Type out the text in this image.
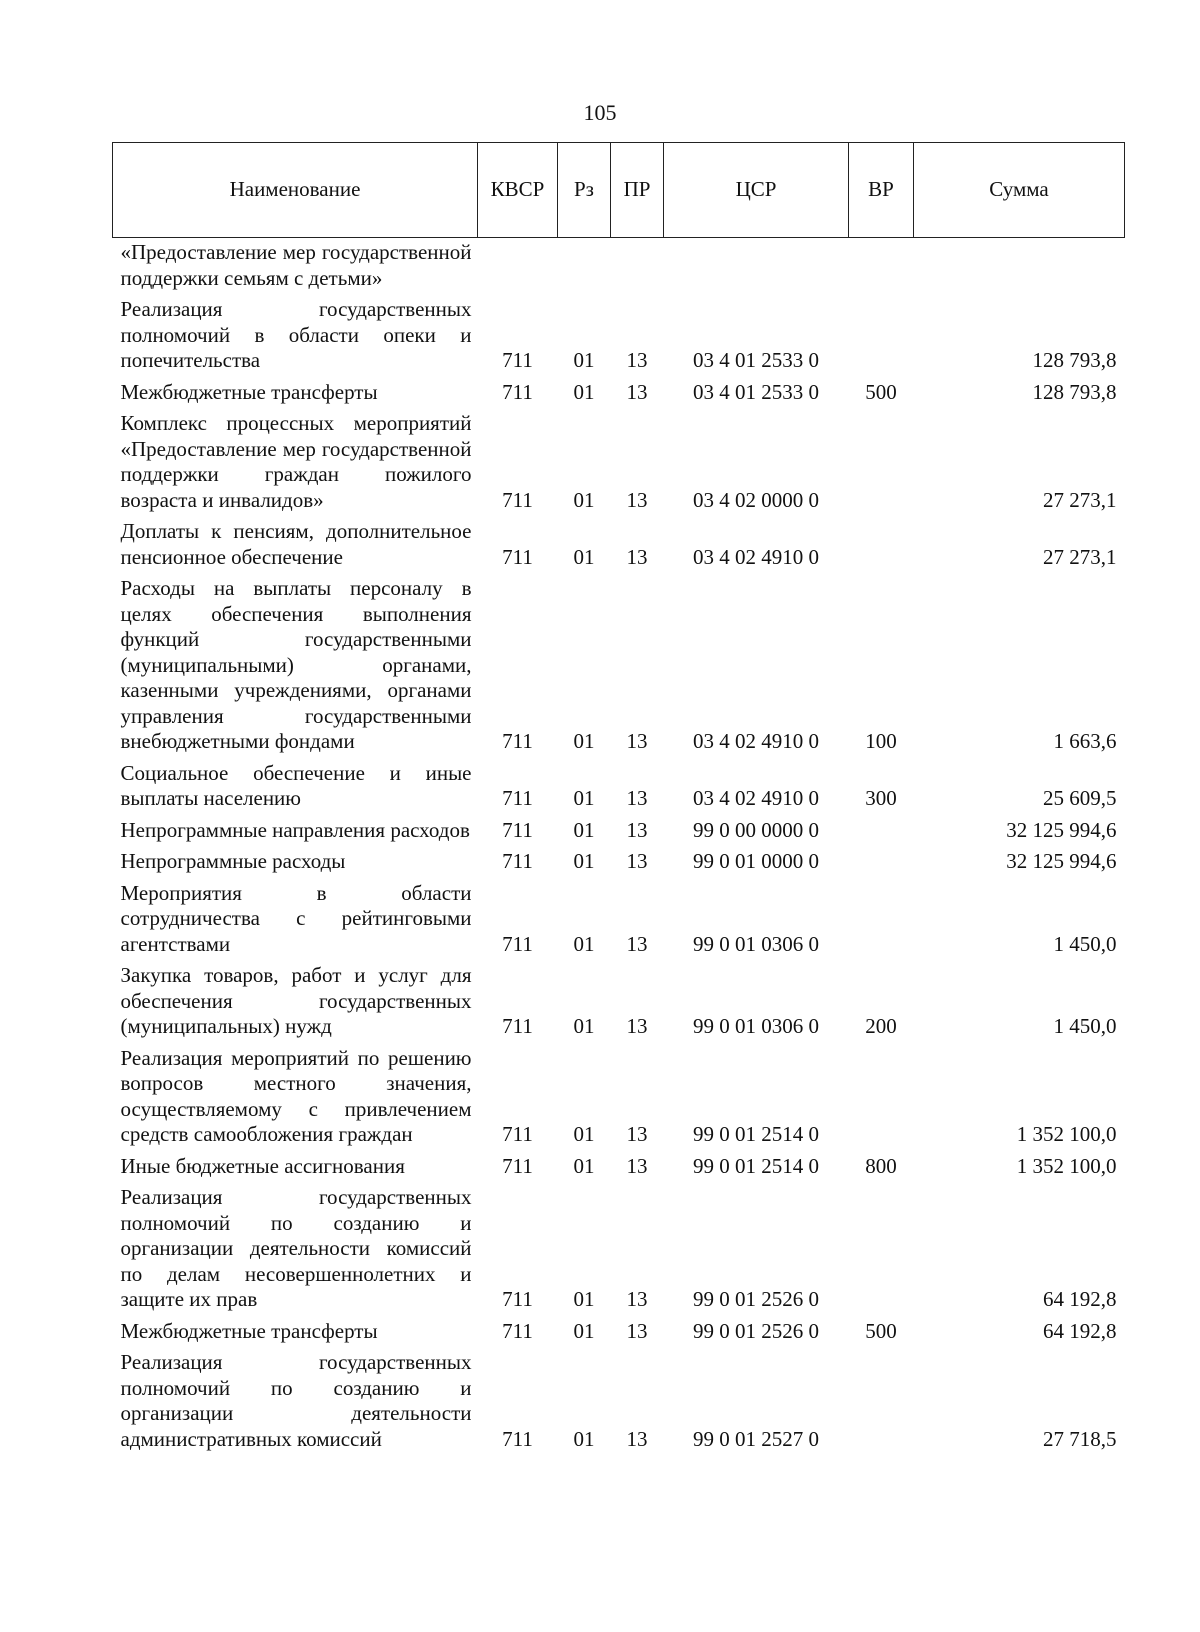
105
Наименование	КВСР	Рз	ПР	ЦСР	ВР	Сумма
«Предоставление мер государственной поддержки семьям с детьми»						
Реализация государственных полномочий в области опеки и попечительства	711	01	13	03 4 01 2533 0		128 793,8
Межбюджетные трансферты	711	01	13	03 4 01 2533 0	500	128 793,8
Комплекс процессных мероприятий «Предоставление мер государственной поддержки граждан пожилого возраста и инвалидов»	711	01	13	03 4 02 0000 0		27 273,1
Доплаты к пенсиям, дополнительное пенсионное обеспечение	711	01	13	03 4 02 4910 0		27 273,1
Расходы на выплаты персоналу в целях обеспечения выполнения функций государственными (муниципальными) органами, казенными учреждениями, органами управления государственными внебюджетными фондами	711	01	13	03 4 02 4910 0	100	1 663,6
Социальное обеспечение и иные выплаты населению	711	01	13	03 4 02 4910 0	300	25 609,5
Непрограммные направления расходов	711	01	13	99 0 00 0000 0		32 125 994,6
Непрограммные расходы	711	01	13	99 0 01 0000 0		32 125 994,6
Мероприятия в области сотрудничества с рейтинговыми агентствами	711	01	13	99 0 01 0306 0		1 450,0
Закупка товаров, работ и услуг для обеспечения государственных (муниципальных) нужд	711	01	13	99 0 01 0306 0	200	1 450,0
Реализация мероприятий по решению вопросов местного значения, осуществляемому с привлечением средств самообложения граждан	711	01	13	99 0 01 2514 0		1 352 100,0
Иные бюджетные ассигнования	711	01	13	99 0 01 2514 0	800	1 352 100,0
Реализация государственных полномочий по созданию и организации деятельности комиссий по делам несовершеннолетних и защите их прав	711	01	13	99 0 01 2526 0		64 192,8
Межбюджетные трансферты	711	01	13	99 0 01 2526 0	500	64 192,8
Реализация государственных полномочий по созданию и организации деятельности административных комиссий	711	01	13	99 0 01 2527 0		27 718,5
